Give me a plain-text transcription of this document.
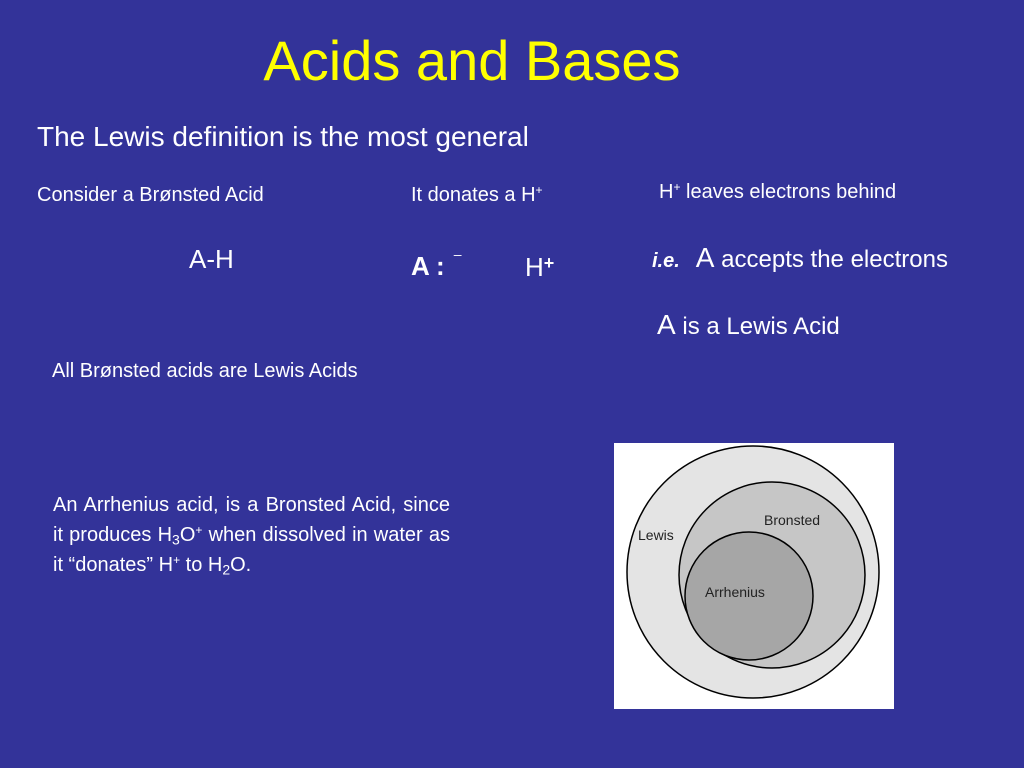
Acids and Bases
The Lewis definition is the most general
Consider a Brønsted Acid	It donates a H+	H+ leaves electrons behind
A-H	A : – H+	i.e. A accepts the electrons
A is a Lewis Acid
All Brønsted acids are Lewis Acids
An Arrhenius acid, is a Bronsted Acid, since it produces $H_3O^+$ when dissolved in water as it “donates” H+ to $H_2O$.
Lewis
Bronsted
Arrhenius
